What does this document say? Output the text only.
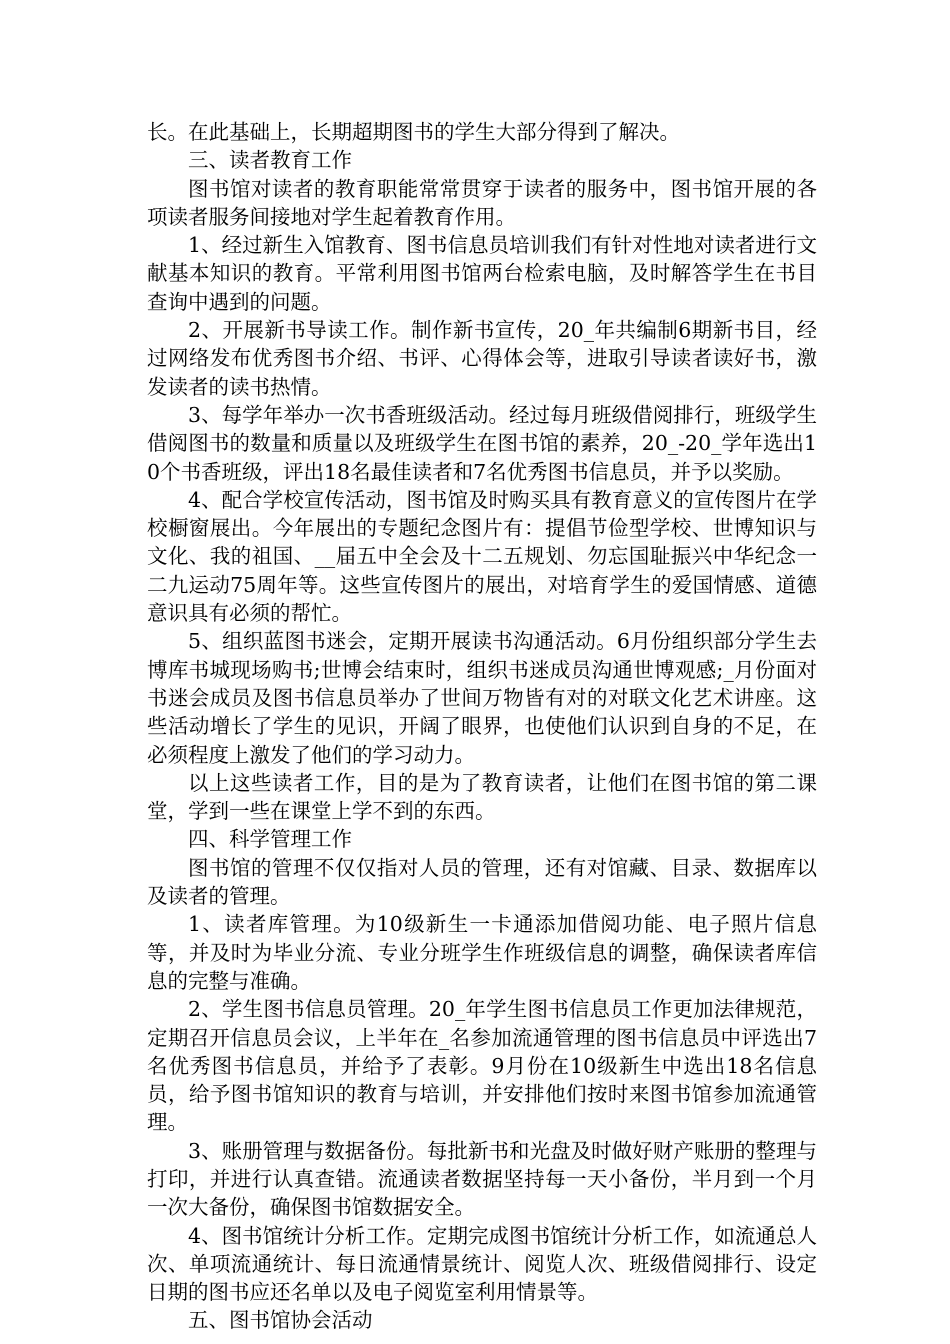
长。在此基础上，长期超期图书的学生大部分得到了解决。

三、读者教育工作

图书馆对读者的教育职能常常贯穿于读者的服务中，图书馆开展的各项读者服务间接地对学生起着教育作用。

1、经过新生入馆教育、图书信息员培训我们有针对性地对读者进行文献基本知识的教育。平常利用图书馆两台检索电脑，及时解答学生在书目查询中遇到的问题。

2、开展新书导读工作。制作新书宣传，20_年共编制6期新书目，经过网络发布优秀图书介绍、书评、心得体会等，进取引导读者读好书，激发读者的读书热情。

3、每学年举办一次书香班级活动。经过每月班级借阅排行，班级学生借阅图书的数量和质量以及班级学生在图书馆的素养，20_-20_学年选出10个书香班级，评出18名最佳读者和7名优秀图书信息员，并予以奖励。

4、配合学校宣传活动，图书馆及时购买具有教育意义的宣传图片在学校橱窗展出。今年展出的专题纪念图片有：提倡节俭型学校、世博知识与文化、我的祖国、__届五中全会及十二五规划、勿忘国耻振兴中华纪念一二九运动75周年等。这些宣传图片的展出，对培育学生的爱国情感、道德意识具有必须的帮忙。

5、组织蓝图书迷会，定期开展读书沟通活动。6月份组织部分学生去博库书城现场购书;世博会结束时，组织书迷成员沟通世博观感;_月份面对书迷会成员及图书信息员举办了世间万物皆有对的对联文化艺术讲座。这些活动增长了学生的见识，开阔了眼界，也使他们认识到自身的不足，在必须程度上激发了他们的学习动力。

以上这些读者工作，目的是为了教育读者，让他们在图书馆的第二课堂，学到一些在课堂上学不到的东西。

四、科学管理工作

图书馆的管理不仅仅指对人员的管理，还有对馆藏、目录、数据库以及读者的管理。

1、读者库管理。为10级新生一卡通添加借阅功能、电子照片信息等，并及时为毕业分流、专业分班学生作班级信息的调整，确保读者库信息的完整与准确。

2、学生图书信息员管理。20_年学生图书信息员工作更加法律规范，定期召开信息员会议，上半年在_名参加流通管理的图书信息员中评选出7名优秀图书信息员，并给予了表彰。9月份在10级新生中选出18名信息员，给予图书馆知识的教育与培训，并安排他们按时来图书馆参加流通管理。

3、账册管理与数据备份。每批新书和光盘及时做好财产账册的整理与打印，并进行认真查错。流通读者数据坚持每一天小备份，半月到一个月一次大备份，确保图书馆数据安全。

4、图书馆统计分析工作。定期完成图书馆统计分析工作，如流通总人次、单项流通统计、每日流通情景统计、阅览人次、班级借阅排行、设定日期的图书应还名单以及电子阅览室利用情景等。

五、图书馆协会活动
